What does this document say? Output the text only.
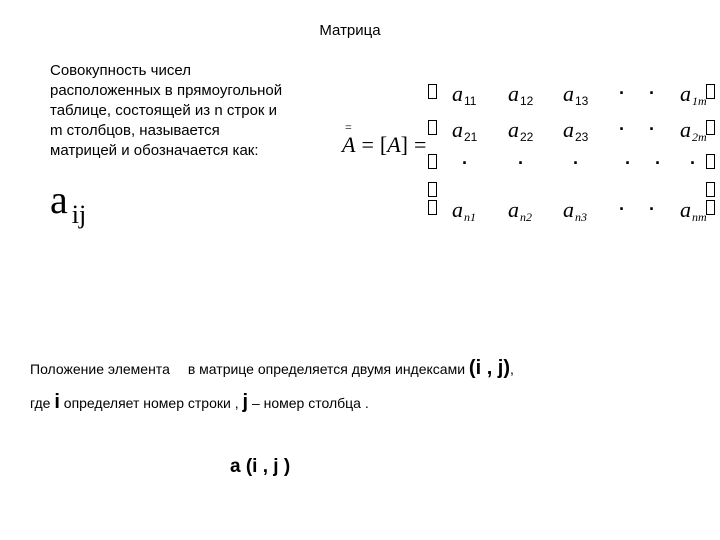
Матрица
Совокупность чисел
расположенных в прямоугольной
таблице, состоящей из n строк и
m столбцов, называется
матрицей и обозначается как:
aij
=
A = [A] =
$a_{11}$ $a_{12}$ $a_{13}$ · · $a_{1m}$
$a_{21}$ $a_{22}$ $a_{23}$ · · $a_{2m}$
·	·	·	· · ·
$a_{n1}$ $a_{n2}$ $a_{n3}$ · · $a_{nm}$
Положение элемента в матрице определяется двумя индексами (i , j),
где i определяет номер строки , j – номер столбца .
a (i , j )
